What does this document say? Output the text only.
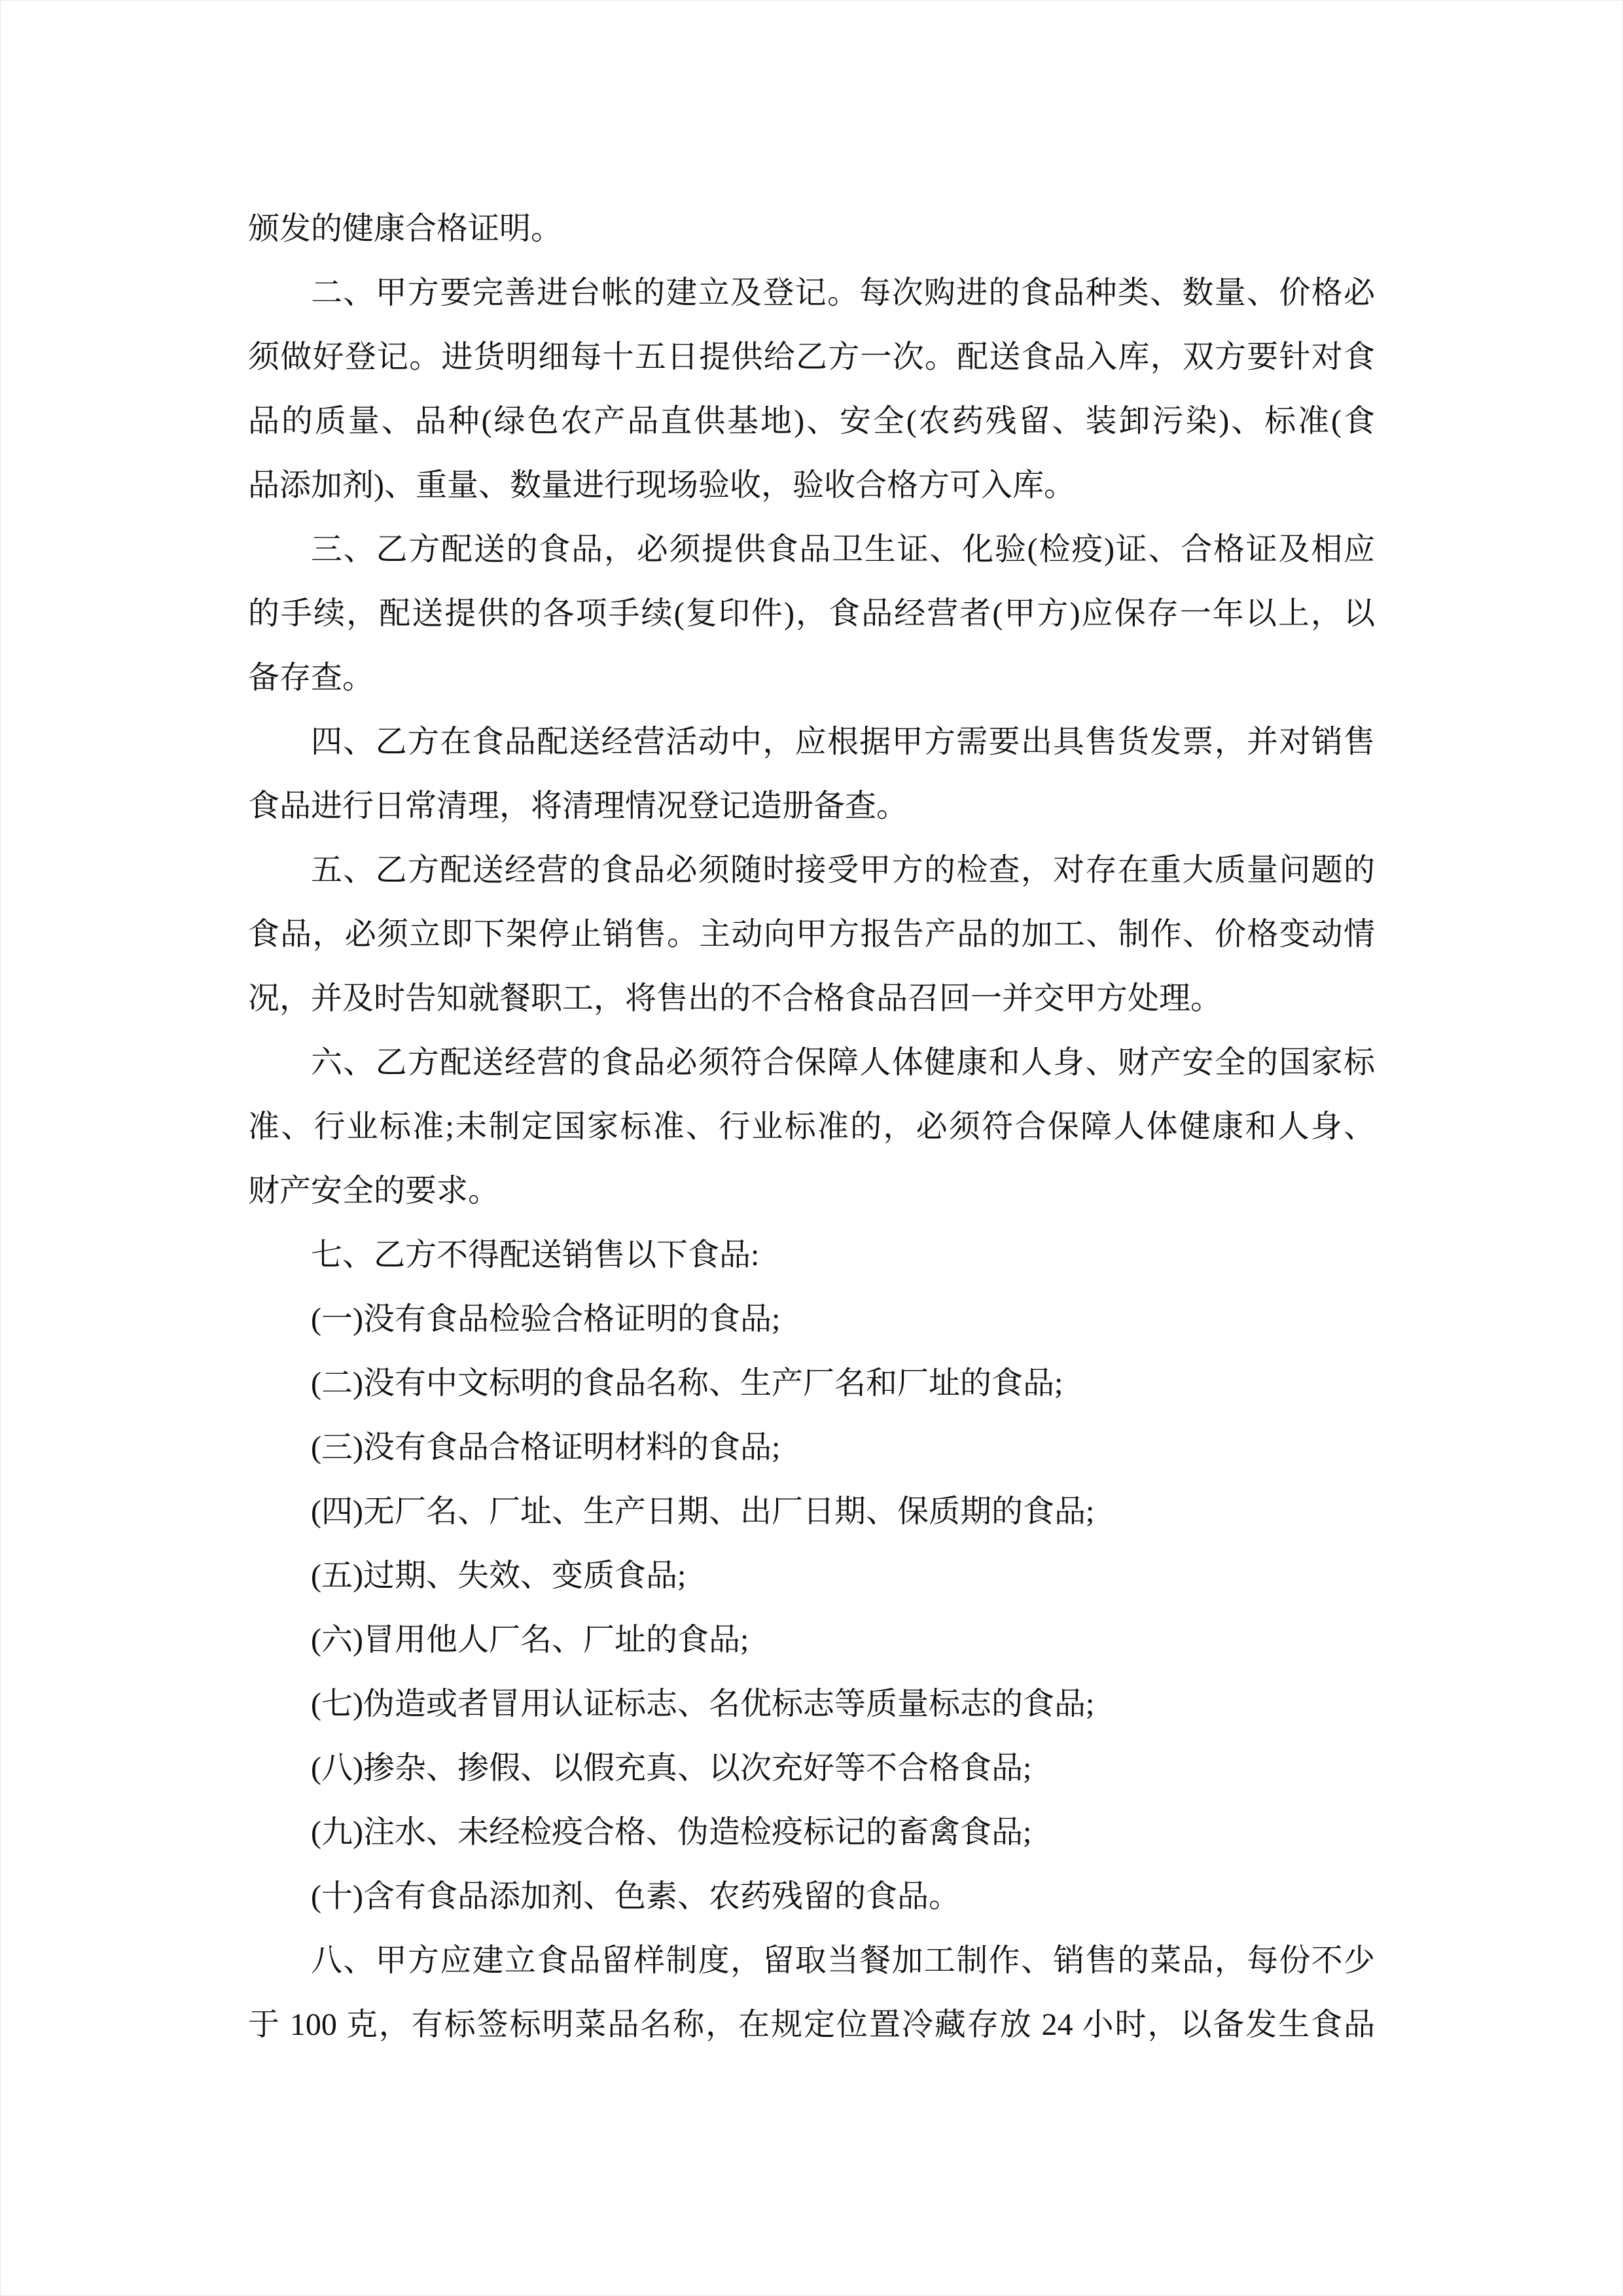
颁发的健康合格证明。

二、甲方要完善进台帐的建立及登记。每次购进的食品种类、数量、价格必

须做好登记。进货明细每十五日提供给乙方一次。配送食品入库，双方要针对食

品的质量、品种(绿色农产品直供基地)、安全(农药残留、装卸污染)、标准(食

品添加剂)、重量、数量进行现场验收，验收合格方可入库。

三、乙方配送的食品，必须提供食品卫生证、化验(检疫)证、合格证及相应

的手续，配送提供的各项手续(复印件)，食品经营者(甲方)应保存一年以上，以

备存查。

四、乙方在食品配送经营活动中，应根据甲方需要出具售货发票，并对销售

食品进行日常清理，将清理情况登记造册备查。

五、乙方配送经营的食品必须随时接受甲方的检查，对存在重大质量问题的

食品，必须立即下架停止销售。主动向甲方报告产品的加工、制作、价格变动情

况，并及时告知就餐职工，将售出的不合格食品召回一并交甲方处理。

六、乙方配送经营的食品必须符合保障人体健康和人身、财产安全的国家标

准、行业标准;未制定国家标准、行业标准的，必须符合保障人体健康和人身、

财产安全的要求。

七、乙方不得配送销售以下食品:

(一)没有食品检验合格证明的食品;

(二)没有中文标明的食品名称、生产厂名和厂址的食品;

(三)没有食品合格证明材料的食品;

(四)无厂名、厂址、生产日期、出厂日期、保质期的食品;

(五)过期、失效、变质食品;

(六)冒用他人厂名、厂址的食品;

(七)伪造或者冒用认证标志、名优标志等质量标志的食品;

(八)掺杂、掺假、以假充真、以次充好等不合格食品;

(九)注水、未经检疫合格、伪造检疫标记的畜禽食品;

(十)含有食品添加剂、色素、农药残留的食品。

八、甲方应建立食品留样制度，留取当餐加工制作、销售的菜品，每份不少

于 100 克，有标签标明菜品名称，在规定位置冷藏存放 24 小时，以备发生食品
